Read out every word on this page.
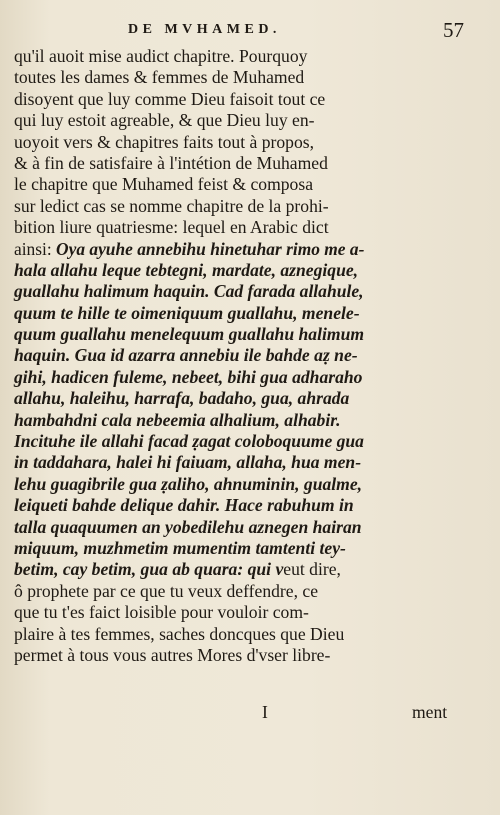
DE MVHAMED.	57
qu'il auoit mise audict chapitre. Pourquoy
toutes les dames & femmes de Muhamed
disoyent que luy comme Dieu faisoit tout ce
qui luy estoit agreable, & que Dieu luy en-
uoyoit vers & chapitres faits tout à propos,
& à fin de satisfaire à l'intétion de Muhamed
le chapitre que Muhamed feist & composa
sur ledict cas se nomme chapitre de la prohi-
bition liure quatriesme: lequel en Arabic dict
ainsi: Oya ayuhe annebihu hinetuhar rimo me a-
hala allahu leque tebtegni, mardate, aznegique,
guallahu halimum haquin. Cad farada allahule,
quum te hille te oimeniquum guallahu, menele-
quum guallahu menelequum guallahu halimum
haquin. Gua id azarra annebiu ile bahde aẓ ne-
gihi, hadicen fuleme, nebeet, bihi gua adharaho
allahu, haleihu, harrafa, badaho, gua, ahrada
hambahdni cala nebeemia alhalium, alhabir.
Incituhe ile allahi facad ẓagat coloboquume gua
in taddahara, halei hi faiuam, allaha, hua men-
lehu guagibrile gua ẓaliho, ahnuminin, gualme,
leiqueti bahde delique dahir. Hace rabuhum in
talla quaquumen an yobedilehu aznegen hairan
miquum, muzhmetim mumentim tamtenti tey-
betim, cay betim, gua ab quara: qui veut dire,
ô prophete par ce que tu veux deffendre, ce
que tu t'es faict loisible pour vouloir com-
plaire à tes femmes, saches doncques que Dieu
permet à tous vous autres Mores d'vser libre-
I	ment
